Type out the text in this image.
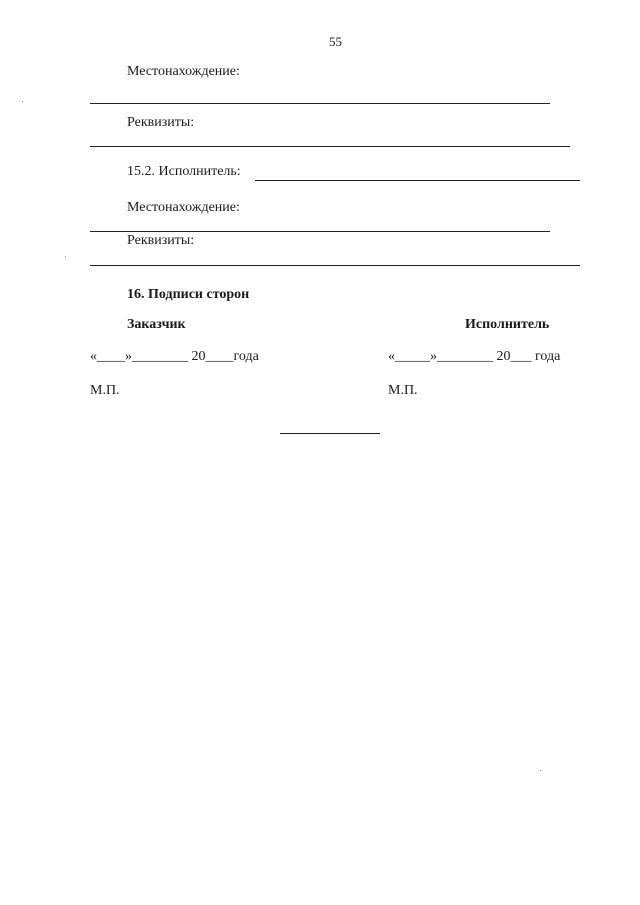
55
Местонахождение:
Реквизиты:
15.2. Исполнитель:
Местонахождение:
Реквизиты:
16. Подписи сторон
Заказчик	Исполнитель
«____»________ 20____года	«_____»________ 20___ года
М.П.	М.П.
